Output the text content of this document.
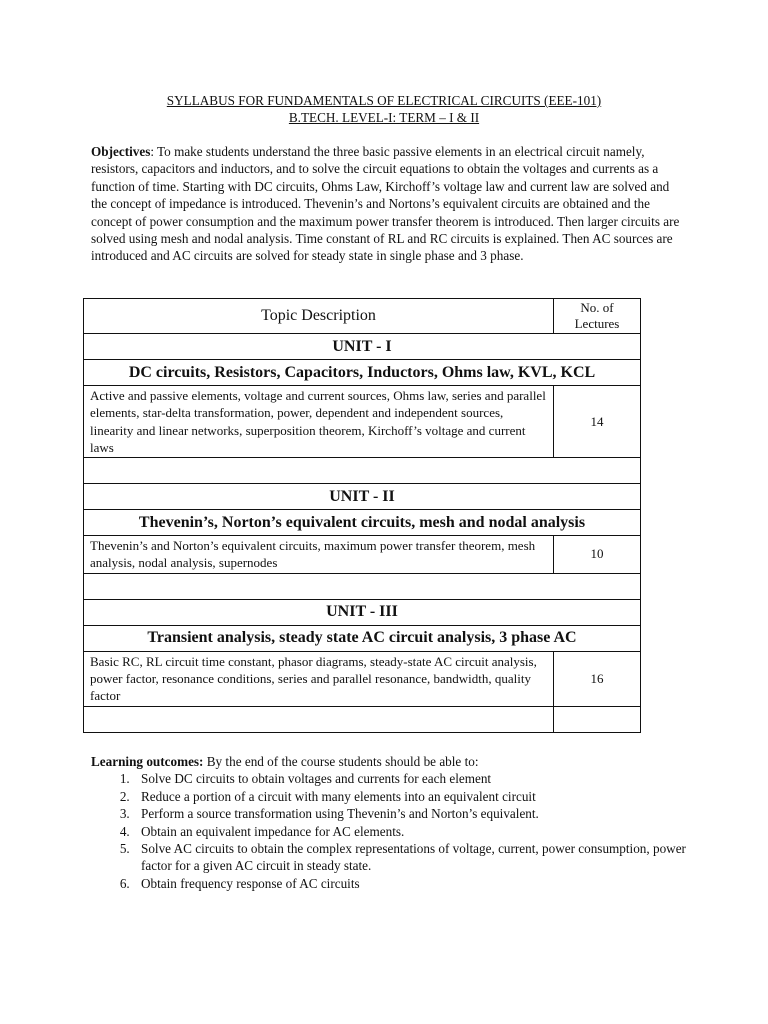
SYLLABUS FOR FUNDAMENTALS OF ELECTRICAL CIRCUITS (EEE-101)
B.TECH. LEVEL-I: TERM – I & II

Objectives: To make students understand the three basic passive elements in an electrical circuit namely, resistors, capacitors and inductors, and to solve the circuit equations to obtain the voltages and currents as a function of time. Starting with DC circuits, Ohms Law, Kirchoff’s voltage law and current law are solved and the concept of impedance is introduced. Thevenin’s and Nortons’s equivalent circuits are obtained and the concept of power consumption and the maximum power transfer theorem is introduced. Then larger circuits are solved using mesh and nodal analysis. Time constant of RL and RC circuits is explained. Then AC sources are introduced and AC circuits are solved for steady state in single phase and 3 phase.

Topic Description	No. of Lectures
UNIT - I	
DC circuits, Resistors, Capacitors, Inductors, Ohms law, KVL, KCL	
Active and passive elements, voltage and current sources, Ohms law, series and parallel elements, star-delta transformation, power, dependent and independent sources, linearity and linear networks, superposition theorem, Kirchoff’s voltage and current laws	14

UNIT - II	
Thevenin’s, Norton’s equivalent circuits, mesh and nodal analysis	
Thevenin’s and Norton’s equivalent circuits, maximum power transfer theorem, mesh analysis, nodal analysis, supernodes	10

UNIT - III	
Transient analysis, steady state AC circuit analysis, 3 phase AC	
Basic RC, RL circuit time constant, phasor diagrams, steady-state AC circuit analysis, power factor, resonance conditions, series and parallel resonance, bandwidth, quality factor	16

Learning outcomes: By the end of the course students should be able to:
1. Solve DC circuits to obtain voltages and currents for each element
2. Reduce a portion of a circuit with many elements into an equivalent circuit
3. Perform a source transformation using Thevenin’s and Norton’s equivalent.
4. Obtain an equivalent impedance for AC elements.
5. Solve AC circuits to obtain the complex representations of voltage, current, power consumption, power factor for a given AC circuit in steady state.
6. Obtain frequency response of AC circuits
